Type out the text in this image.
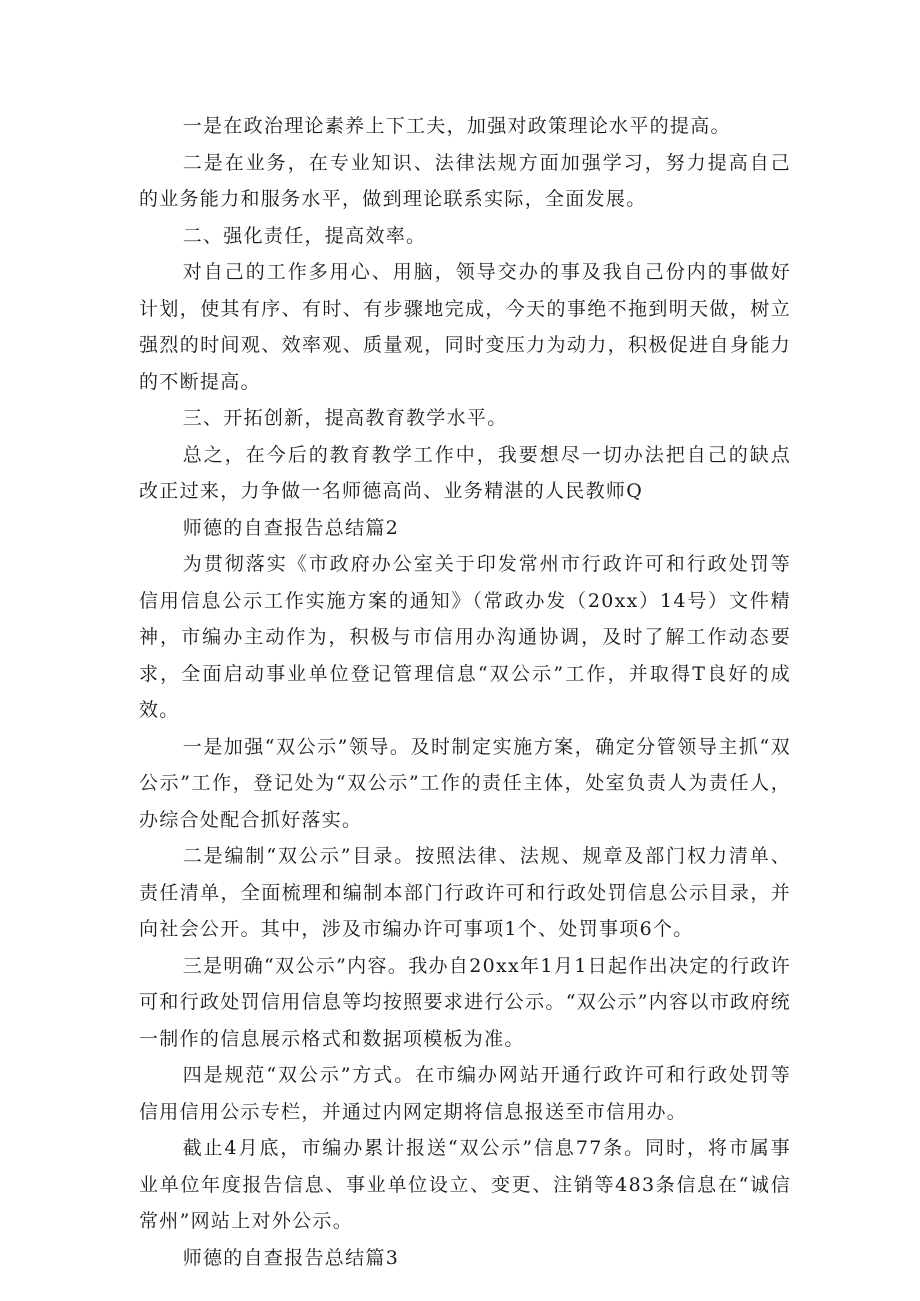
一是在政治理论素养上下工夫，加强对政策理论水平的提高。

二是在业务，在专业知识、法律法规方面加强学习，努力提高自己的业务能力和服务水平，做到理论联系实际，全面发展。

二、强化责任，提高效率。

对自己的工作多用心、用脑，领导交办的事及我自己份内的事做好计划，使其有序、有时、有步骤地完成，今天的事绝不拖到明天做，树立强烈的时间观、效率观、质量观，同时变压力为动力，积极促进自身能力的不断提高。

三、开拓创新，提高教育教学水平。

总之，在今后的教育教学工作中，我要想尽一切办法把自己的缺点改正过来，力争做一名师德高尚、业务精湛的人民教师Q

师德的自查报告总结篇2

为贯彻落实《市政府办公室关于印发常州市行政许可和行政处罚等信用信息公示工作实施方案的通知》（常政办发（20xx）14号）文件精神，市编办主动作为，积极与市信用办沟通协调，及时了解工作动态要求，全面启动事业单位登记管理信息“双公示”工作，并取得T良好的成效。

一是加强“双公示”领导。及时制定实施方案，确定分管领导主抓“双公示”工作，登记处为“双公示”工作的责任主体，处室负责人为责任人，办综合处配合抓好落实。

二是编制“双公示”目录。按照法律、法规、规章及部门权力清单、责任清单，全面梳理和编制本部门行政许可和行政处罚信息公示目录，并向社会公开。其中，涉及市编办许可事项1个、处罚事项6个。

三是明确“双公示”内容。我办自20xx年1月1日起作出决定的行政许可和行政处罚信用信息等均按照要求进行公示。“双公示”内容以市政府统一制作的信息展示格式和数据项模板为准。

四是规范“双公示”方式。在市编办网站开通行政许可和行政处罚等信用信用公示专栏，并通过内网定期将信息报送至市信用办。

截止4月底，市编办累计报送“双公示”信息77条。同时，将市属事业单位年度报告信息、事业单位设立、变更、注销等483条信息在“诚信常州”网站上对外公示。

师德的自查报告总结篇3
